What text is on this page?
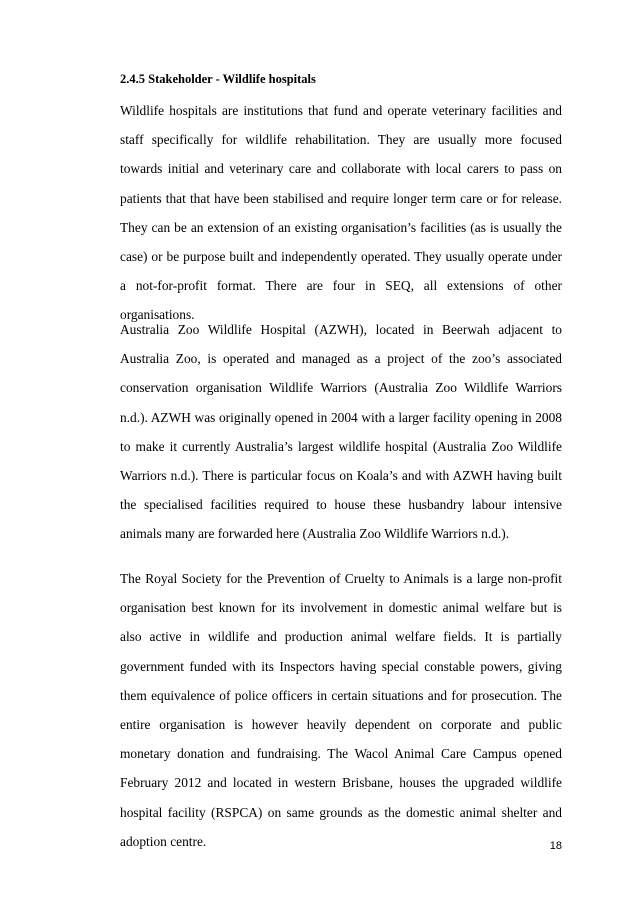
2.4.5 Stakeholder - Wildlife hospitals

Wildlife hospitals are institutions that fund and operate veterinary facilities and staff specifically for wildlife rehabilitation. They are usually more focused towards initial and veterinary care and collaborate with local carers to pass on patients that that have been stabilised and require longer term care or for release. They can be an extension of an existing organisation’s facilities (as is usually the case) or be purpose built and independently operated. They usually operate under a not-for-profit format. There are four in SEQ, all extensions of other organisations.

Australia Zoo Wildlife Hospital (AZWH), located in Beerwah adjacent to Australia Zoo, is operated and managed as a project of the zoo’s associated conservation organisation Wildlife Warriors (Australia Zoo Wildlife Warriors n.d.). AZWH was originally opened in 2004 with a larger facility opening in 2008 to make it currently Australia’s largest wildlife hospital (Australia Zoo Wildlife Warriors n.d.). There is particular focus on Koala’s and with AZWH having built the specialised facilities required to house these husbandry labour intensive animals many are forwarded here (Australia Zoo Wildlife Warriors n.d.).

The Royal Society for the Prevention of Cruelty to Animals is a large non-profit organisation best known for its involvement in domestic animal welfare but is also active in wildlife and production animal welfare fields. It is partially government funded with its Inspectors having special constable powers, giving them equivalence of police officers in certain situations and for prosecution. The entire organisation is however heavily dependent on corporate and public monetary donation and fundraising. The Wacol Animal Care Campus opened February 2012 and located in western Brisbane, houses the upgraded wildlife hospital facility (RSPCA) on same grounds as the domestic animal shelter and adoption centre.	18
